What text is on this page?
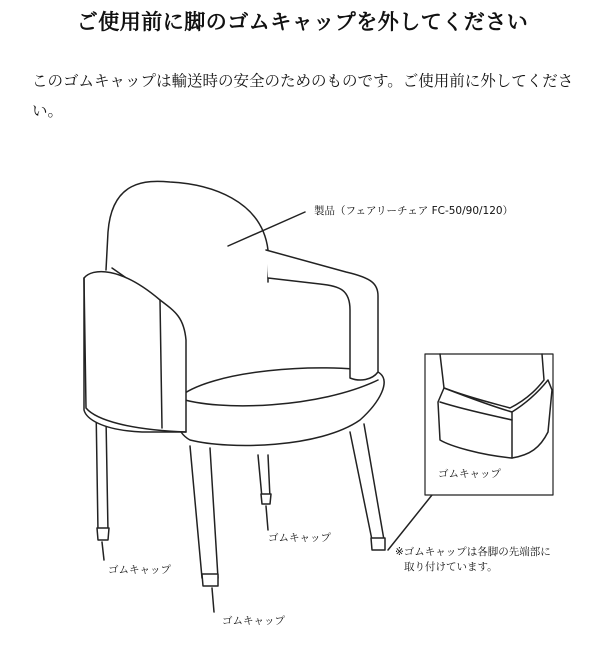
ご使用前に脚のゴムキャップを外してください
このゴムキャップは輸送時の安全のためのものです。ご使用前に外してください。
製品（フェアリーチェア FC-50/90/120）
ゴムキャップ
ゴムキャップ
ゴムキャップ
ゴムキャップ
※ゴムキャップは各脚の先端部に
取り付けています。
